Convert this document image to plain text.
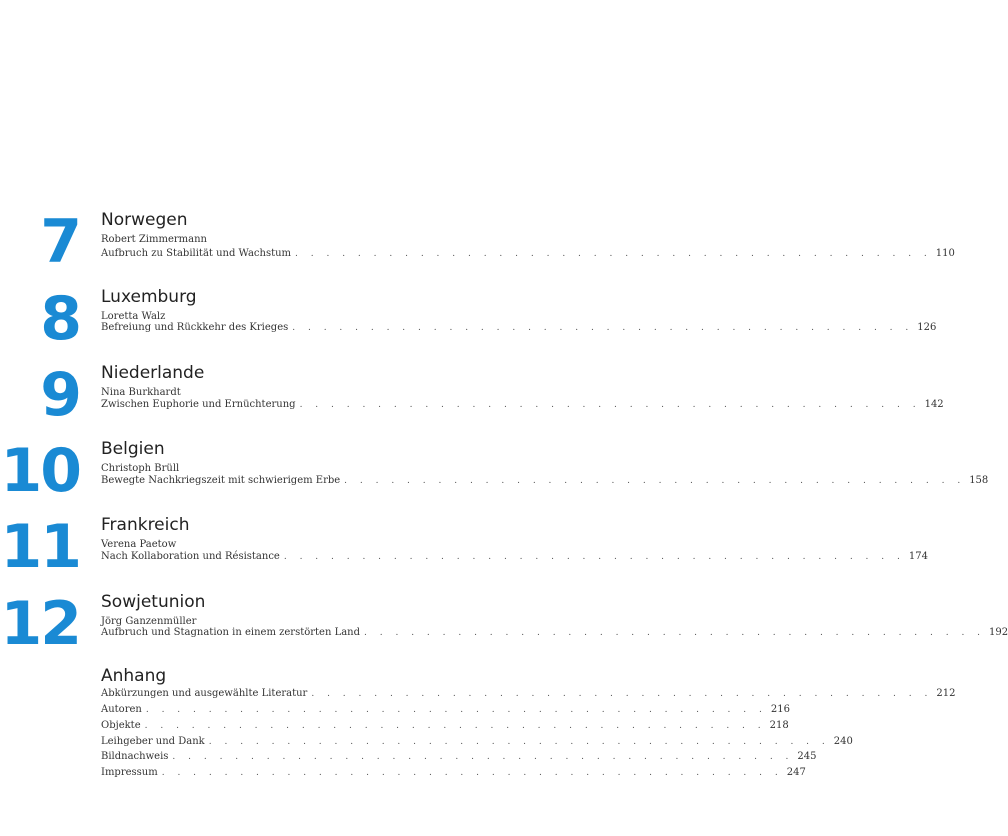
7 Norwegen
Robert Zimmermann
Aufbruch zu Stabilität und Wachstum . . . . . . . . . . . . . . . . . . . . . . . . . . . . . . . . . . . . . . . . . 110
8 Luxemburg
Loretta Walz
Befreiung und Rückkehr des Krieges . . . . . . . . . . . . . . . . . . . . . . . . . . . . . . . . . . . . . . . . 126
9 Niederlande
Nina Burkhardt
Zwischen Euphorie und Ernüchterung . . . . . . . . . . . . . . . . . . . . . . . . . . . . . . . . . . . . . . . . 142
10 Belgien
Christoph Brüll
Bewegte Nachkriegszeit mit schwierigem Erbe . . . . . . . . . . . . . . . . . . . . . . . . . . . . . . . . . . . . . . . . 158
11 Frankreich
Verena Paetow
Nach Kollaboration und Résistance . . . . . . . . . . . . . . . . . . . . . . . . . . . . . . . . . . . . . . . . 174
12 Sowjetunion
Jörg Ganzenmüller
Aufbruch und Stagnation in einem zerstörten Land . . . . . . . . . . . . . . . . . . . . . . . . . . . . . . . . . . . . . . . . 192
Anhang
Abkürzungen und ausgewählte Literatur . . . . . . . . . . . . . . . . . . . . . . . . . . . . . . . . . . . . . . . . 212
Autoren . . . . . . . . . . . . . . . . . . . . . . . . . . . . . . . . . . . . . . . . 216
Objekte . . . . . . . . . . . . . . . . . . . . . . . . . . . . . . . . . . . . . . . . 218
Leihgeber und Dank . . . . . . . . . . . . . . . . . . . . . . . . . . . . . . . . . . . . . . . . 240
Bildnachweis . . . . . . . . . . . . . . . . . . . . . . . . . . . . . . . . . . . . . . . . 245
Impressum . . . . . . . . . . . . . . . . . . . . . . . . . . . . . . . . . . . . . . . . 247
